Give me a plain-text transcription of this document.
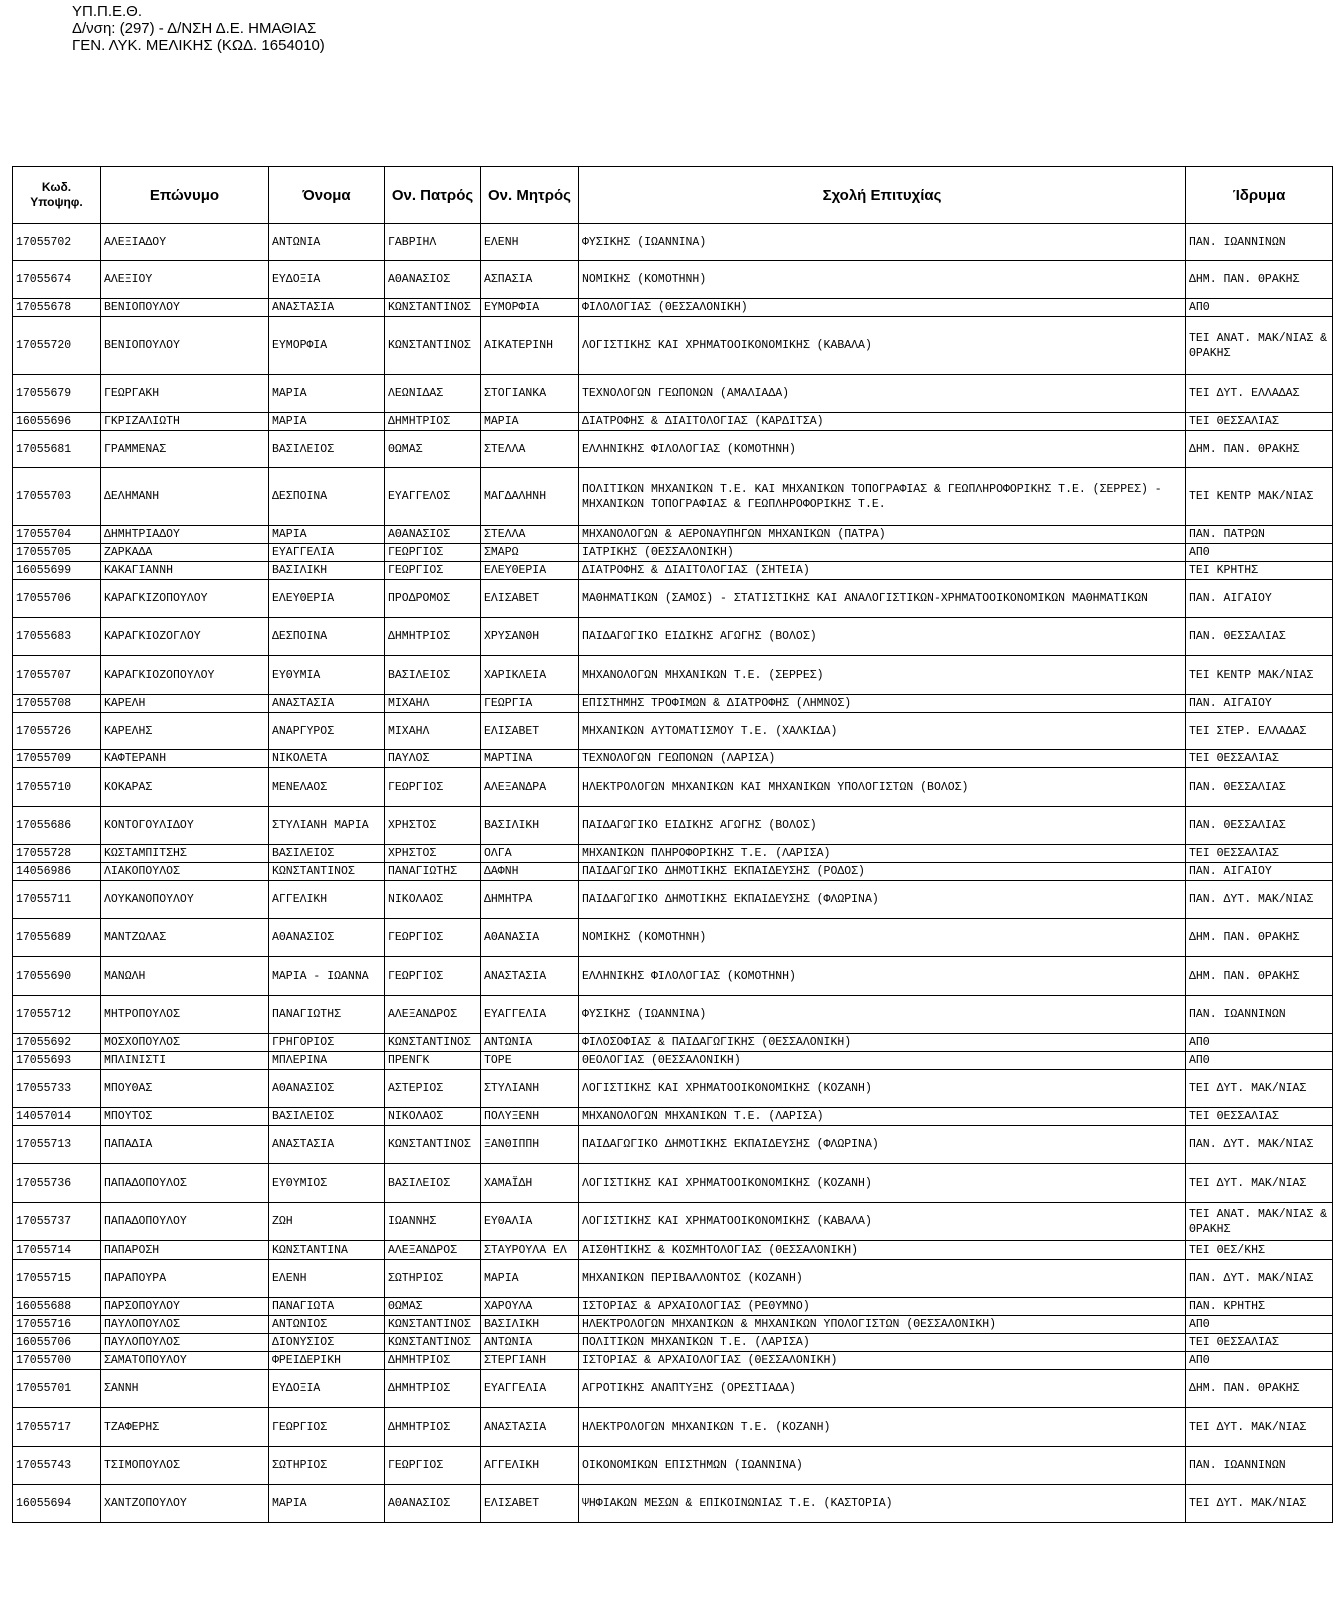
ΥΠ.Π.Ε.Θ.
Δ/νση: (297) - Δ/ΝΣΗ Δ.Ε. ΗΜΑΘΙΑΣ
ΓΕΝ. ΛΥΚ. ΜΕΛΙΚΗΣ (ΚΩΔ. 1654010)
Κωδ. Υποψηφ.	Επώνυμο	Όνομα	Ον. Πατρός	Ον. Μητρός	Σχολή Επιτυχίας	Ίδρυμα
17055702	ΑΛΕΞΙΑΔΟΥ	ΑΝΤΩΝΙΑ	ΓΑΒΡΙΗΛ	ΕΛΕΝΗ	ΦΥΣΙΚΗΣ (ΙΩΑΝΝΙΝΑ)	ΠΑΝ. ΙΩΑΝΝΙΝΩΝ
17055674	ΑΛΕΞΙΟΥ	ΕΥΔΟΞΙΑ	ΑΘΑΝΑΣΙΟΣ	ΑΣΠΑΣΙΑ	ΝΟΜΙΚΗΣ (ΚΟΜΟΤΗΝΗ)	ΔΗΜ. ΠΑΝ. ΘΡΑΚΗΣ
17055678	ΒΕΝΙΟΠΟΥΛΟΥ	ΑΝΑΣΤΑΣΙΑ	ΚΩΝΣΤΑΝΤΙΝΟΣ	ΕΥΜΟΡΦΙΑ	ΦΙΛΟΛΟΓΙΑΣ (ΘΕΣΣΑΛΟΝΙΚΗ)	ΑΠΘ
17055720	ΒΕΝΙΟΠΟΥΛΟΥ	ΕΥΜΟΡΦΙΑ	ΚΩΝΣΤΑΝΤΙΝΟΣ	ΑΙΚΑΤΕΡΙΝΗ	ΛΟΓΙΣΤΙΚΗΣ ΚΑΙ ΧΡΗΜΑΤΟΟΙΚΟΝΟΜΙΚΗΣ (ΚΑΒΑΛΑ)	ΤΕΙ ΑΝΑΤ. ΜΑΚ/ΝΙΑΣ & ΘΡΑΚΗΣ
17055679	ΓΕΩΡΓΑΚΗ	ΜΑΡΙΑ	ΛΕΩΝΙΔΑΣ	ΣΤΟΓΙΑΝΚΑ	ΤΕΧΝΟΛΟΓΩΝ ΓΕΩΠΟΝΩΝ (ΑΜΑΛΙΑΔΑ)	ΤΕΙ ΔΥΤ. ΕΛΛΑΔΑΣ
16055696	ΓΚΡΙΖΑΛΙΩΤΗ	ΜΑΡΙΑ	ΔΗΜΗΤΡΙΟΣ	ΜΑΡΙΑ	ΔΙΑΤΡΟΦΗΣ & ΔΙΑΙΤΟΛΟΓΙΑΣ (ΚΑΡΔΙΤΣΑ)	ΤΕΙ ΘΕΣΣΑΛΙΑΣ
17055681	ΓΡΑΜΜΕΝΑΣ	ΒΑΣΙΛΕΙΟΣ	ΘΩΜΑΣ	ΣΤΕΛΛΑ	ΕΛΛΗΝΙΚΗΣ ΦΙΛΟΛΟΓΙΑΣ (ΚΟΜΟΤΗΝΗ)	ΔΗΜ. ΠΑΝ. ΘΡΑΚΗΣ
17055703	ΔΕΛΗΜΑΝΗ	ΔΕΣΠΟΙΝΑ	ΕΥΑΓΓΕΛΟΣ	ΜΑΓΔΑΛΗΝΗ	ΠΟΛΙΤΙΚΩΝ ΜΗΧΑΝΙΚΩΝ Τ.Ε. ΚΑΙ ΜΗΧΑΝΙΚΩΝ ΤΟΠΟΓΡΑΦΙΑΣ & ΓΕΩΠΛΗΡΟΦΟΡΙΚΗΣ Τ.Ε. (ΣΕΡΡΕΣ) - ΜΗΧΑΝΙΚΩΝ ΤΟΠΟΓΡΑΦΙΑΣ & ΓΕΩΠΛΗΡΟΦΟΡΙΚΗΣ Τ.Ε.	ΤΕΙ ΚΕΝΤΡ ΜΑΚ/ΝΙΑΣ
17055704	ΔΗΜΗΤΡΙΑΔΟΥ	ΜΑΡΙΑ	ΑΘΑΝΑΣΙΟΣ	ΣΤΕΛΛΑ	ΜΗΧΑΝΟΛΟΓΩΝ & ΑΕΡΟΝΑΥΠΗΓΩΝ ΜΗΧΑΝΙΚΩΝ (ΠΑΤΡΑ)	ΠΑΝ. ΠΑΤΡΩΝ
17055705	ΖΑΡΚΑΔΑ	ΕΥΑΓΓΕΛΙΑ	ΓΕΩΡΓΙΟΣ	ΣΜΑΡΩ	ΙΑΤΡΙΚΗΣ (ΘΕΣΣΑΛΟΝΙΚΗ)	ΑΠΘ
16055699	ΚΑΚΑΓΙΑΝΝΗ	ΒΑΣΙΛΙΚΗ	ΓΕΩΡΓΙΟΣ	ΕΛΕΥΘΕΡΙΑ	ΔΙΑΤΡΟΦΗΣ & ΔΙΑΙΤΟΛΟΓΙΑΣ (ΣΗΤΕΙΑ)	ΤΕΙ ΚΡΗΤΗΣ
17055706	ΚΑΡΑΓΚΙΖΟΠΟΥΛΟΥ	ΕΛΕΥΘΕΡΙΑ	ΠΡΟΔΡΟΜΟΣ	ΕΛΙΣΑΒΕΤ	ΜΑΘΗΜΑΤΙΚΩΝ (ΣΑΜΟΣ) - ΣΤΑΤΙΣΤΙΚΗΣ ΚΑΙ ΑΝΑΛΟΓΙΣΤΙΚΩΝ-ΧΡΗΜΑΤΟΟΙΚΟΝΟΜΙΚΩΝ ΜΑΘΗΜΑΤΙΚΩΝ	ΠΑΝ. ΑΙΓΑΙΟΥ
17055683	ΚΑΡΑΓΚΙΟΖΟΓΛΟΥ	ΔΕΣΠΟΙΝΑ	ΔΗΜΗΤΡΙΟΣ	ΧΡΥΣΑΝΘΗ	ΠΑΙΔΑΓΩΓΙΚΟ ΕΙΔΙΚΗΣ ΑΓΩΓΗΣ (ΒΟΛΟΣ)	ΠΑΝ. ΘΕΣΣΑΛΙΑΣ
17055707	ΚΑΡΑΓΚΙΟΖΟΠΟΥΛΟΥ	ΕΥΘΥΜΙΑ	ΒΑΣΙΛΕΙΟΣ	ΧΑΡΙΚΛΕΙΑ	ΜΗΧΑΝΟΛΟΓΩΝ ΜΗΧΑΝΙΚΩΝ Τ.Ε. (ΣΕΡΡΕΣ)	ΤΕΙ ΚΕΝΤΡ ΜΑΚ/ΝΙΑΣ
17055708	ΚΑΡΕΛΗ	ΑΝΑΣΤΑΣΙΑ	ΜΙΧΑΗΛ	ΓΕΩΡΓΙΑ	ΕΠΙΣΤΗΜΗΣ ΤΡΟΦΙΜΩΝ & ΔΙΑΤΡΟΦΗΣ (ΛΗΜΝΟΣ)	ΠΑΝ. ΑΙΓΑΙΟΥ
17055726	ΚΑΡΕΛΗΣ	ΑΝΑΡΓΥΡΟΣ	ΜΙΧΑΗΛ	ΕΛΙΣΑΒΕΤ	ΜΗΧΑΝΙΚΩΝ ΑΥΤΟΜΑΤΙΣΜΟΥ Τ.Ε. (ΧΑΛΚΙΔΑ)	ΤΕΙ ΣΤΕΡ. ΕΛΛΑΔΑΣ
17055709	ΚΑΦΤΕΡΑΝΗ	ΝΙΚΟΛΕΤΑ	ΠΑΥΛΟΣ	ΜΑΡΤΙΝΑ	ΤΕΧΝΟΛΟΓΩΝ ΓΕΩΠΟΝΩΝ (ΛΑΡΙΣΑ)	ΤΕΙ ΘΕΣΣΑΛΙΑΣ
17055710	ΚΟΚΑΡΑΣ	ΜΕΝΕΛΑΟΣ	ΓΕΩΡΓΙΟΣ	ΑΛΕΞΑΝΔΡΑ	ΗΛΕΚΤΡΟΛΟΓΩΝ ΜΗΧΑΝΙΚΩΝ ΚΑΙ ΜΗΧΑΝΙΚΩΝ ΥΠΟΛΟΓΙΣΤΩΝ (ΒΟΛΟΣ)	ΠΑΝ. ΘΕΣΣΑΛΙΑΣ
17055686	ΚΟΝΤΟΓΟΥΛΙΔΟΥ	ΣΤΥΛΙΑΝΗ ΜΑΡΙΑ	ΧΡΗΣΤΟΣ	ΒΑΣΙΛΙΚΗ	ΠΑΙΔΑΓΩΓΙΚΟ ΕΙΔΙΚΗΣ ΑΓΩΓΗΣ (ΒΟΛΟΣ)	ΠΑΝ. ΘΕΣΣΑΛΙΑΣ
17055728	ΚΩΣΤΑΜΠΙΤΣΗΣ	ΒΑΣΙΛΕΙΟΣ	ΧΡΗΣΤΟΣ	ΟΛΓΑ	ΜΗΧΑΝΙΚΩΝ ΠΛΗΡΟΦΟΡΙΚΗΣ Τ.Ε. (ΛΑΡΙΣΑ)	ΤΕΙ ΘΕΣΣΑΛΙΑΣ
14056986	ΛΙΑΚΟΠΟΥΛΟΣ	ΚΩΝΣΤΑΝΤΙΝΟΣ	ΠΑΝΑΓΙΩΤΗΣ	ΔΑΦΝΗ	ΠΑΙΔΑΓΩΓΙΚΟ ΔΗΜΟΤΙΚΗΣ ΕΚΠΑΙΔΕΥΣΗΣ (ΡΟΔΟΣ)	ΠΑΝ. ΑΙΓΑΙΟΥ
17055711	ΛΟΥΚΑΝΟΠΟΥΛΟΥ	ΑΓΓΕΛΙΚΗ	ΝΙΚΟΛΑΟΣ	ΔΗΜΗΤΡΑ	ΠΑΙΔΑΓΩΓΙΚΟ ΔΗΜΟΤΙΚΗΣ ΕΚΠΑΙΔΕΥΣΗΣ (ΦΛΩΡΙΝΑ)	ΠΑΝ. ΔΥΤ. ΜΑΚ/ΝΙΑΣ
17055689	ΜΑΝΤΖΩΛΑΣ	ΑΘΑΝΑΣΙΟΣ	ΓΕΩΡΓΙΟΣ	ΑΘΑΝΑΣΙΑ	ΝΟΜΙΚΗΣ (ΚΟΜΟΤΗΝΗ)	ΔΗΜ. ΠΑΝ. ΘΡΑΚΗΣ
17055690	ΜΑΝΩΛΗ	ΜΑΡΙΑ - ΙΩΑΝΝΑ	ΓΕΩΡΓΙΟΣ	ΑΝΑΣΤΑΣΙΑ	ΕΛΛΗΝΙΚΗΣ ΦΙΛΟΛΟΓΙΑΣ (ΚΟΜΟΤΗΝΗ)	ΔΗΜ. ΠΑΝ. ΘΡΑΚΗΣ
17055712	ΜΗΤΡΟΠΟΥΛΟΣ	ΠΑΝΑΓΙΩΤΗΣ	ΑΛΕΞΑΝΔΡΟΣ	ΕΥΑΓΓΕΛΙΑ	ΦΥΣΙΚΗΣ (ΙΩΑΝΝΙΝΑ)	ΠΑΝ. ΙΩΑΝΝΙΝΩΝ
17055692	ΜΟΣΧΟΠΟΥΛΟΣ	ΓΡΗΓΟΡΙΟΣ	ΚΩΝΣΤΑΝΤΙΝΟΣ	ΑΝΤΩΝΙΑ	ΦΙΛΟΣΟΦΙΑΣ & ΠΑΙΔΑΓΩΓΙΚΗΣ (ΘΕΣΣΑΛΟΝΙΚΗ)	ΑΠΘ
17055693	ΜΠΛΙΝΙΣΤΙ	ΜΠΛΕΡΙΝΑ	ΠΡΕΝΓΚ	ΤΟΡΕ	ΘΕΟΛΟΓΙΑΣ (ΘΕΣΣΑΛΟΝΙΚΗ)	ΑΠΘ
17055733	ΜΠΟΥΘΑΣ	ΑΘΑΝΑΣΙΟΣ	ΑΣΤΕΡΙΟΣ	ΣΤΥΛΙΑΝΗ	ΛΟΓΙΣΤΙΚΗΣ ΚΑΙ ΧΡΗΜΑΤΟΟΙΚΟΝΟΜΙΚΗΣ (ΚΟΖΑΝΗ)	ΤΕΙ ΔΥΤ. ΜΑΚ/ΝΙΑΣ
14057014	ΜΠΟΥΤΟΣ	ΒΑΣΙΛΕΙΟΣ	ΝΙΚΟΛΑΟΣ	ΠΟΛΥΞΕΝΗ	ΜΗΧΑΝΟΛΟΓΩΝ ΜΗΧΑΝΙΚΩΝ Τ.Ε. (ΛΑΡΙΣΑ)	ΤΕΙ ΘΕΣΣΑΛΙΑΣ
17055713	ΠΑΠΑΔΙΑ	ΑΝΑΣΤΑΣΙΑ	ΚΩΝΣΤΑΝΤΙΝΟΣ	ΞΑΝΘΙΠΠΗ	ΠΑΙΔΑΓΩΓΙΚΟ ΔΗΜΟΤΙΚΗΣ ΕΚΠΑΙΔΕΥΣΗΣ (ΦΛΩΡΙΝΑ)	ΠΑΝ. ΔΥΤ. ΜΑΚ/ΝΙΑΣ
17055736	ΠΑΠΑΔΟΠΟΥΛΟΣ	ΕΥΘΥΜΙΟΣ	ΒΑΣΙΛΕΙΟΣ	ΧΑΜΑΪΔΗ	ΛΟΓΙΣΤΙΚΗΣ ΚΑΙ ΧΡΗΜΑΤΟΟΙΚΟΝΟΜΙΚΗΣ (ΚΟΖΑΝΗ)	ΤΕΙ ΔΥΤ. ΜΑΚ/ΝΙΑΣ
17055737	ΠΑΠΑΔΟΠΟΥΛΟΥ	ΖΩΗ	ΙΩΑΝΝΗΣ	ΕΥΘΑΛΙΑ	ΛΟΓΙΣΤΙΚΗΣ ΚΑΙ ΧΡΗΜΑΤΟΟΙΚΟΝΟΜΙΚΗΣ (ΚΑΒΑΛΑ)	ΤΕΙ ΑΝΑΤ. ΜΑΚ/ΝΙΑΣ & ΘΡΑΚΗΣ
17055714	ΠΑΠΑΡΟΣΗ	ΚΩΝΣΤΑΝΤΙΝΑ	ΑΛΕΞΑΝΔΡΟΣ	ΣΤΑΥΡΟΥΛΑ ΕΛ	ΑΙΣΘΗΤΙΚΗΣ & ΚΟΣΜΗΤΟΛΟΓΙΑΣ (ΘΕΣΣΑΛΟΝΙΚΗ)	ΤΕΙ ΘΕΣ/ΚΗΣ
17055715	ΠΑΡΑΠΟΥΡΑ	ΕΛΕΝΗ	ΣΩΤΗΡΙΟΣ	ΜΑΡΙΑ	ΜΗΧΑΝΙΚΩΝ ΠΕΡΙΒΑΛΛΟΝΤΟΣ (ΚΟΖΑΝΗ)	ΠΑΝ. ΔΥΤ. ΜΑΚ/ΝΙΑΣ
16055688	ΠΑΡΣΟΠΟΥΛΟΥ	ΠΑΝΑΓΙΩΤΑ	ΘΩΜΑΣ	ΧΑΡΟΥΛΑ	ΙΣΤΟΡΙΑΣ & ΑΡΧΑΙΟΛΟΓΙΑΣ (ΡΕΘΥΜΝΟ)	ΠΑΝ. ΚΡΗΤΗΣ
17055716	ΠΑΥΛΟΠΟΥΛΟΣ	ΑΝΤΩΝΙΟΣ	ΚΩΝΣΤΑΝΤΙΝΟΣ	ΒΑΣΙΛΙΚΗ	ΗΛΕΚΤΡΟΛΟΓΩΝ ΜΗΧΑΝΙΚΩΝ & ΜΗΧΑΝΙΚΩΝ ΥΠΟΛΟΓΙΣΤΩΝ (ΘΕΣΣΑΛΟΝΙΚΗ)	ΑΠΘ
16055706	ΠΑΥΛΟΠΟΥΛΟΣ	ΔΙΟΝΥΣΙΟΣ	ΚΩΝΣΤΑΝΤΙΝΟΣ	ΑΝΤΩΝΙΑ	ΠΟΛΙΤΙΚΩΝ ΜΗΧΑΝΙΚΩΝ Τ.Ε. (ΛΑΡΙΣΑ)	ΤΕΙ ΘΕΣΣΑΛΙΑΣ
17055700	ΣΑΜΑΤΟΠΟΥΛΟΥ	ΦΡΕΙΔΕΡΙΚΗ	ΔΗΜΗΤΡΙΟΣ	ΣΤΕΡΓΙΑΝΗ	ΙΣΤΟΡΙΑΣ & ΑΡΧΑΙΟΛΟΓΙΑΣ (ΘΕΣΣΑΛΟΝΙΚΗ)	ΑΠΘ
17055701	ΣΑΝΝΗ	ΕΥΔΟΞΙΑ	ΔΗΜΗΤΡΙΟΣ	ΕΥΑΓΓΕΛΙΑ	ΑΓΡΟΤΙΚΗΣ ΑΝΑΠΤΥΞΗΣ (ΟΡΕΣΤΙΑΔΑ)	ΔΗΜ. ΠΑΝ. ΘΡΑΚΗΣ
17055717	ΤΖΑΦΕΡΗΣ	ΓΕΩΡΓΙΟΣ	ΔΗΜΗΤΡΙΟΣ	ΑΝΑΣΤΑΣΙΑ	ΗΛΕΚΤΡΟΛΟΓΩΝ ΜΗΧΑΝΙΚΩΝ Τ.Ε. (ΚΟΖΑΝΗ)	ΤΕΙ ΔΥΤ. ΜΑΚ/ΝΙΑΣ
17055743	ΤΣΙΜΟΠΟΥΛΟΣ	ΣΩΤΗΡΙΟΣ	ΓΕΩΡΓΙΟΣ	ΑΓΓΕΛΙΚΗ	ΟΙΚΟΝΟΜΙΚΩΝ ΕΠΙΣΤΗΜΩΝ (ΙΩΑΝΝΙΝΑ)	ΠΑΝ. ΙΩΑΝΝΙΝΩΝ
16055694	ΧΑΝΤΖΟΠΟΥΛΟΥ	ΜΑΡΙΑ	ΑΘΑΝΑΣΙΟΣ	ΕΛΙΣΑΒΕΤ	ΨΗΦΙΑΚΩΝ ΜΕΣΩΝ & ΕΠΙΚΟΙΝΩΝΙΑΣ Τ.Ε. (ΚΑΣΤΟΡΙΑ)	ΤΕΙ ΔΥΤ. ΜΑΚ/ΝΙΑΣ
